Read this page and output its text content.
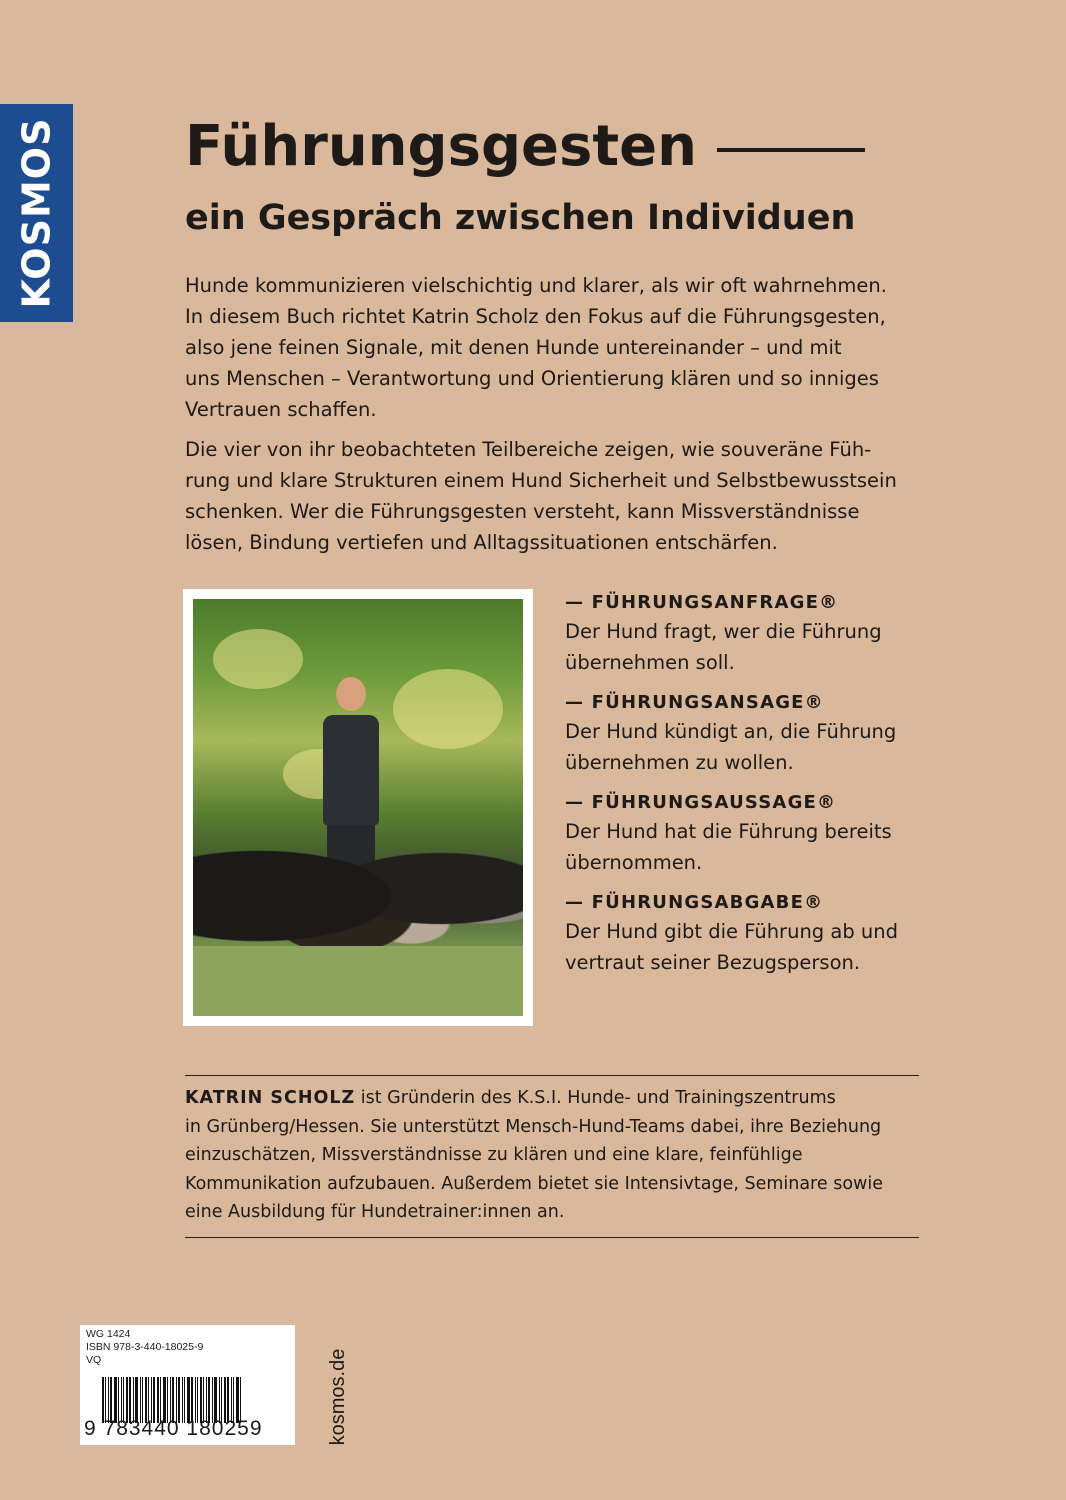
KOSMOS Führungsgesten
ein Gespräch zwischen Individuen

Hunde kommunizieren vielschichtig und klarer, als wir oft wahrnehmen.
In diesem Buch richtet Katrin Scholz den Fokus auf die Führungsgesten,
also jene feinen Signale, mit denen Hunde untereinander – und mit
uns Menschen – Verantwortung und Orientierung klären und so inniges
Vertrauen schaffen.

Die vier von ihr beobachteten Teilbereiche zeigen, wie souveräne Füh-
rung und klare Strukturen einem Hund Sicherheit und Selbstbewusstsein
schenken. Wer die Führungsgesten versteht, kann Missverständnisse
lösen, Bindung vertiefen und Alltagssituationen entschärfen.

— FÜHRUNGSANFRAGE®
Der Hund fragt, wer die Führung
übernehmen soll.
— FÜHRUNGSANSAGE®
Der Hund kündigt an, die Führung
übernehmen zu wollen.
— FÜHRUNGSAUSSAGE®
Der Hund hat die Führung bereits
übernommen.
— FÜHRUNGSABGABE®
Der Hund gibt die Führung ab und
vertraut seiner Bezugsperson.

KATRIN SCHOLZ ist Gründerin des K.S.I. Hunde- und Trainingszentrums
in Grünberg/Hessen. Sie unterstützt Mensch-Hund-Teams dabei, ihre Beziehung
einzuschätzen, Missverständnisse zu klären und eine klare, feinfühlige
Kommunikation aufzubauen. Außerdem bietet sie Intensivtage, Seminare sowie
eine Ausbildung für Hundetrainer:innen an.

WG 1424
ISBN 978-3-440-18025-9
VQ
9 783440 180259	kosmos.de
